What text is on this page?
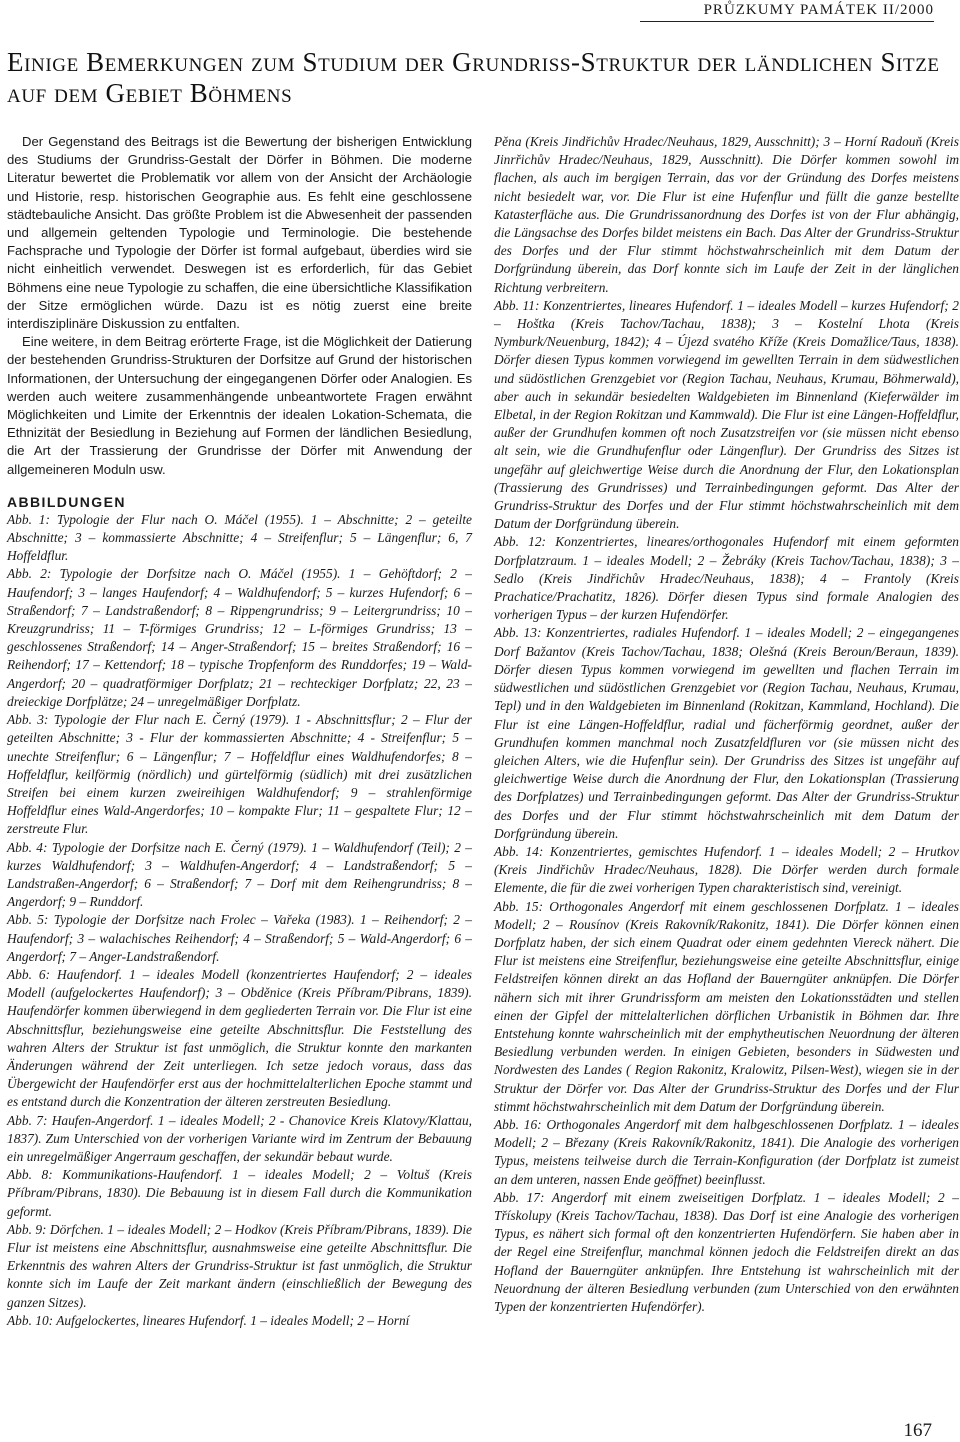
PRŮZKUMY PAMÁTEK II/2000
Einige Bemerkungen zum Studium der Grundriss-Struktur der ländlichen Sitze auf dem Gebiet Böhmens

Der Gegenstand des Beitrags ist die Bewertung der bisherigen Entwicklung des Studiums der Grundriss-Gestalt der Dörfer in Böhmen. Die moderne Literatur bewertet die Problematik vor allem von der Ansicht der Archäologie und Historie, resp. historischen Geographie aus. Es fehlt eine geschlossene städtebauliche Ansicht. Das größte Problem ist die Abwesenheit der passenden und allgemein geltenden Typologie und Terminologie. Die bestehende Fachsprache und Typologie der Dörfer ist formal aufgebaut, überdies wird sie nicht einheitlich verwendet. Deswegen ist es erforderlich, für das Gebiet Böhmens eine neue Typologie zu schaffen, die eine übersichtliche Klassifikation der Sitze ermöglichen würde. Dazu ist es nötig zuerst eine breite interdisziplinäre Diskussion zu entfalten.

Eine weitere, in dem Beitrag erörterte Frage, ist die Möglichkeit der Datierung der bestehenden Grundriss-Strukturen der Dorfsitze auf Grund der historischen Informationen, der Untersuchung der eingegangenen Dörfer oder Analogien. Es werden auch weitere zusammenhängende unbeantwortete Fragen erwähnt Möglichkeiten und Limite der Erkenntnis der idealen Lokation-Schemata, die Ethnizität der Besiedlung in Beziehung auf Formen der ländlichen Besiedlung, die Art der Trassierung der Grundrisse der Dörfer mit Anwendung der allgemeineren Moduln usw.

ABBILDUNGEN

Abb. 1: Typologie der Flur nach O. Máčel (1955). 1 – Abschnitte; 2 – geteilte Abschnitte; 3 – kommassierte Abschnitte; 4 – Streifenflur; 5 – Längenflur; 6, 7 Hoffeldflur.

Abb. 2: Typologie der Dorfsitze nach O. Máčel (1955). 1 – Gehöftdorf; 2 – Haufendorf; 3 – langes Haufendorf; 4 – Waldhufendorf; 5 – kurzes Hufendorf; 6 – Straßendorf; 7 – Landstraßendorf; 8 – Rippengrundriss; 9 – Leitergrundriss; 10 – Kreuzgrundriss; 11 – T-förmiges Grundriss; 12 – L-förmiges Grundriss; 13 – geschlossenes Straßendorf; 14 – Anger-Straßendorf; 15 – breites Straßendorf; 16 – Reihendorf; 17 – Kettendorf; 18 – typische Tropfenform des Runddorfes; 19 – Wald-Angerdorf; 20 – quadratförmiger Dorfplatz; 21 – rechteckiger Dorfplatz; 22, 23 – dreieckige Dorfplätze; 24 – unregelmäßiger Dorfplatz.

Abb. 3: Typologie der Flur nach E. Černý (1979). 1 - Abschnittsflur; 2 – Flur der geteilten Abschnitte; 3 - Flur der kommassierten Abschnitte; 4 - Streifenflur; 5 – unechte Streifenflur; 6 – Längenflur; 7 – Hoffeldflur eines Waldhufendorfes; 8 – Hoffeldflur, keilförmig (nördlich) und gürtelförmig (südlich) mit drei zusätzlichen Streifen bei einem kurzen zweireihigen Waldhufendorf; 9 – strahlenförmige Hoffeldflur eines Wald-Angerdorfes; 10 – kompakte Flur; 11 – gespaltete Flur; 12 – zerstreute Flur.

Abb. 4: Typologie der Dorfsitze nach E. Černý (1979). 1 – Waldhufendorf (Teil); 2 – kurzes Waldhufendorf; 3 – Waldhufen-Angerdorf; 4 – Landstraßendorf; 5 –Landstraßen-Angerdorf; 6 – Straßendorf; 7 – Dorf mit dem Reihengrundriss; 8 – Angerdorf; 9 – Runddorf.

Abb. 5: Typologie der Dorfsitze nach Frolec – Vařeka (1983). 1 – Reihendorf; 2 – Haufendorf; 3 – walachisches Reihendorf; 4 – Straßendorf; 5 – Wald-Angerdorf; 6 – Angerdorf; 7 – Anger-Landstraßendorf.

Abb. 6: Haufendorf. 1 – ideales Modell (konzentriertes Haufendorf; 2 – ideales Modell (aufgelockertes Haufendorf); 3 – Obděnice (Kreis Příbram/Pibrans, 1839). Haufendörfer kommen überwiegend in dem gegliederten Terrain vor. Die Flur ist eine Abschnittsflur, beziehungsweise eine geteilte Abschnittsflur. Die Feststellung des wahren Alters der Struktur ist fast unmöglich, die Struktur konnte den markanten Änderungen während der Zeit unterliegen. Ich setze jedoch voraus, dass das Übergewicht der Haufendörfer erst aus der hochmittelalterlichen Epoche stammt und es entstand durch die Konzentration der älteren zerstreuten Besiedlung.

Abb. 7: Haufen-Angerdorf. 1 – ideales Modell; 2 - Chanovice Kreis Klatovy/Klattau, 1837). Zum Unterschied von der vorherigen Variante wird im Zentrum der Bebauung ein unregelmäßiger Angerraum geschaffen, der sekundär bebaut wurde.

Abb. 8: Kommunikations-Haufendorf. 1 – ideales Modell; 2 – Voltuš (Kreis Příbram/Pibrans, 1830). Die Bebauung ist in diesem Fall durch die Kommunikation geformt.

Abb. 9: Dörfchen. 1 – ideales Modell; 2 – Hodkov (Kreis Příbram/Pibrans, 1839). Die Flur ist meistens eine Abschnittsflur, ausnahmsweise eine geteilte Abschnittsflur. Die Erkenntnis des wahren Alters der Grundriss-Struktur ist fast unmöglich, die Struktur konnte sich im Laufe der Zeit markant ändern (einschließlich der Bewegung des ganzen Sitzes).

Abb. 10: Aufgelockertes, lineares Hufendorf. 1 – ideales Modell; 2 – Horní

Pěna (Kreis Jindřichův Hradec/Neuhaus, 1829, Ausschnitt); 3 – Horní Radouň (Kreis Jinrřichův Hradec/Neuhaus, 1829, Ausschnitt). Die Dörfer kommen sowohl im flachen, als auch im bergigen Terrain, das vor der Gründung des Dorfes meistens nicht besiedelt war, vor. Die Flur ist eine Hufenflur und füllt die ganze bestellte Katasterfläche aus. Die Grundrissanordnung des Dorfes ist von der Flur abhängig, die Längsachse des Dorfes bildet meistens ein Bach. Das Alter der Grundriss-Struktur des Dorfes und der Flur stimmt höchstwahrscheinlich mit dem Datum der Dorfgründung überein, das Dorf konnte sich im Laufe der Zeit in der länglichen Richtung verbreitern.

Abb. 11: Konzentriertes, lineares Hufendorf. 1 – ideales Modell – kurzes Hufendorf; 2 – Hoštka (Kreis Tachov/Tachau, 1838); 3 – Kostelní Lhota (Kreis Nymburk/Neuenburg, 1842); 4 – Újezd svatého Kříže (Kreis Domažlice/Taus, 1838). Dörfer diesen Typus kommen vorwiegend im gewellten Terrain in dem südwestlichen und südöstlichen Grenzgebiet vor (Region Tachau, Neuhaus, Krumau, Böhmerwald), aber auch in sekundär besiedelten Waldgebieten im Binnenland (Kieferwälder im Elbetal, in der Region Rokitzan und Kammwald). Die Flur ist eine Längen-Hoffeldflur, außer der Grundhufen kommen oft noch Zusatzstreifen vor (sie müssen nicht ebenso alt sein, wie die Grundhufenflur oder Längenflur). Der Grundriss des Sitzes ist ungefähr auf gleichwertige Weise durch die Anordnung der Flur, den Lokationsplan (Trassierung des Grundrisses) und Terrainbedingungen geformt. Das Alter der Grundriss-Struktur des Dorfes und der Flur stimmt höchstwahrscheinlich mit dem Datum der Dorfgründung überein.

Abb. 12: Konzentriertes, lineares/orthogonales Hufendorf mit einem geformten Dorfplatzraum. 1 – ideales Modell; 2 – Žebráky (Kreis Tachov/Tachau, 1838); 3 – Sedlo (Kreis Jindřichův Hradec/Neuhaus, 1838); 4 – Frantoly (Kreis Prachatice/Prachatitz, 1826). Dörfer diesen Typus sind formale Analogien des vorherigen Typus – der kurzen Hufendörfer.

Abb. 13: Konzentriertes, radiales Hufendorf. 1 – ideales Modell; 2 – eingegangenes Dorf Bažantov (Kreis Tachov/Tachau, 1838; Olešná (Kreis Beroun/Beraun, 1839). Dörfer diesen Typus kommen vorwiegend im gewellten und flachen Terrain im südwestlichen und südöstlichen Grenzgebiet vor (Region Tachau, Neuhaus, Krumau, Tepl) und in den Waldgebieten im Binnenland (Rokitzan, Kammland, Hochland). Die Flur ist eine Längen-Hoffeldflur, radial und fächerförmig geordnet, außer der Grundhufen kommen manchmal noch Zusatzfeldfluren vor (sie müssen nicht des gleichen Alters, wie die Hufenflur sein). Der Grundriss des Sitzes ist ungefähr auf gleichwertige Weise durch die Anordnung der Flur, den Lokationsplan (Trassierung des Dorfplatzes) und Terrainbedingungen geformt. Das Alter der Grundriss-Struktur des Dorfes und der Flur stimmt höchstwahrscheinlich mit dem Datum der Dorfgründung überein.

Abb. 14: Konzentriertes, gemischtes Hufendorf. 1 – ideales Modell; 2 – Hrutkov (Kreis Jindřichův Hradec/Neuhaus, 1828). Die Dörfer werden durch formale Elemente, die für die zwei vorherigen Typen charakteristisch sind, vereinigt.

Abb. 15: Orthogonales Angerdorf mit einem geschlossenen Dorfplatz. 1 – ideales Modell; 2 – Rousínov (Kreis Rakovník/Rakonitz, 1841). Die Dörfer können einen Dorfplatz haben, der sich einem Quadrat oder einem gedehnten Viereck nähert. Die Flur ist meistens eine Streifenflur, beziehungsweise eine geteilte Abschnittsflur, einige Feldstreifen können direkt an das Hofland der Bauerngüter anknüpfen. Die Dörfer nähern sich mit ihrer Grundrissform am meisten den Lokationsstädten und stellen einen der Gipfel der mittelalterlichen dörflichen Urbanistik in Böhmen dar. Ihre Entstehung konnte wahrscheinlich mit der emphytheutischen Neuordnung der älteren Besiedlung verbunden werden. In einigen Gebieten, besonders in Südwesten und Nordwesten des Landes ( Region Rakonitz, Kralowitz, Pilsen-West), wiegen sie in der Struktur der Dörfer vor. Das Alter der Grundriss-Struktur des Dorfes und der Flur stimmt höchstwahrscheinlich mit dem Datum der Dorfgründung überein.

Abb. 16: Orthogonales Angerdorf mit dem halbgeschlossenen Dorfplatz. 1 – ideales Modell; 2 – Březany (Kreis Rakovník/Rakonitz, 1841). Die Analogie des vorherigen Typus, meistens teilweise durch die Terrain-Konfiguration (der Dorfplatz ist zumeist an dem unteren, nassen Ende geöffnet) beeinflusst.

Abb. 17: Angerdorf mit einem zweiseitigen Dorfplatz. 1 – ideales Modell; 2 – Třískolupy (Kreis Tachov/Tachau, 1838). Das Dorf ist eine Analogie des vorherigen Typus, es nähert sich formal oft den konzentrierten Hufendörfern. Sie haben aber in der Regel eine Streifenflur, manchmal können jedoch die Feldstreifen direkt an das Hofland der Bauerngüter anknüpfen. Ihre Entstehung ist wahrscheinlich mit der Neuordnung der älteren Besiedlung verbunden (zum Unterschied von den erwähnten Typen der konzentrierten Hufendörfer).

167
